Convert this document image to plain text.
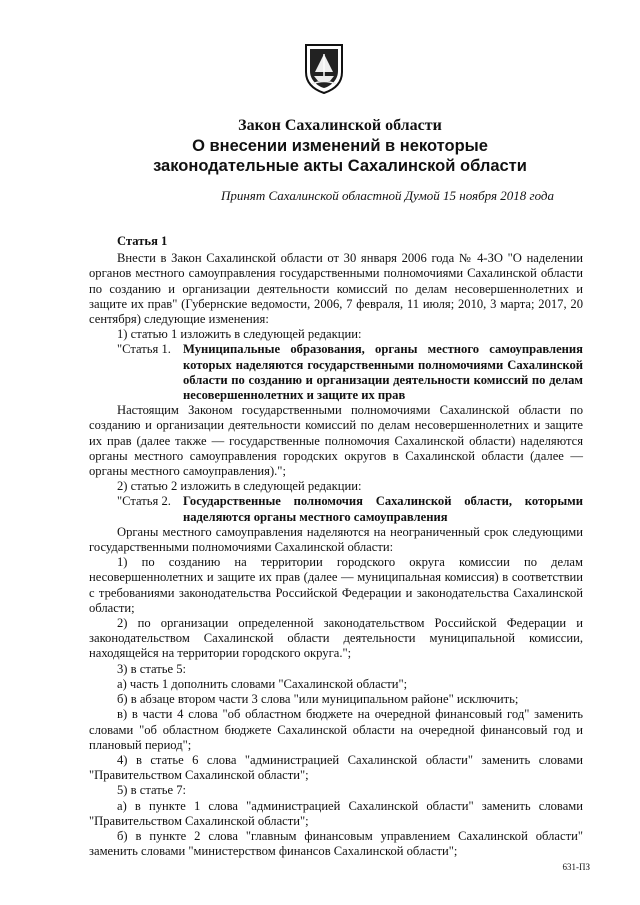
Закон Сахалинской области
О внесении изменений в некоторые
законодательные акты Сахалинской области
Принят Сахалинской областной Думой 15 ноября 2018 года

Статья 1

Внести в Закон Сахалинской области от 30 января 2006 года № 4-ЗО "О наделении органов местного самоуправления государственными полномочиями Сахалинской области по созданию и организации деятельности комиссий по делам несовершеннолетних и защите их прав" (Губернские ведомости, 2006, 7 февраля, 11 июля; 2010, 3 марта; 2017, 20 сентября) следующие изменения:

1) статью 1 изложить в следующей редакции:

"Статья 1. Муниципальные образования, органы местного самоуправления которых наделяются государственными полномочиями Сахалинской области по созданию и организации деятельности комиссий по делам несовершеннолетних и защите их прав

Настоящим Законом государственными полномочиями Сахалинской области по созданию и организации деятельности комиссий по делам несовершеннолетних и защите их прав (далее также — государственные полномочия Сахалинской области) наделяются органы местного самоуправления городских округов в Сахалинской области (далее — органы местного самоуправления).";

2) статью 2 изложить в следующей редакции:

"Статья 2. Государственные полномочия Сахалинской области, которыми наделяются органы местного самоуправления

Органы местного самоуправления наделяются на неограниченный срок следующими государственными полномочиями Сахалинской области:

1) по созданию на территории городского округа комиссии по делам несовершеннолетних и защите их прав (далее — муниципальная комиссия) в соответствии с требованиями законодательства Российской Федерации и законодательства Сахалинской области;

2) по организации определенной законодательством Российской Федерации и законодательством Сахалинской области деятельности муниципальной комиссии, находящейся на территории городского округа.";

3) в статье 5:

а) часть 1 дополнить словами "Сахалинской области";

б) в абзаце втором части 3 слова "или муниципальном районе" исключить;

в) в части 4 слова "об областном бюджете на очередной финансовый год" заменить словами "об областном бюджете Сахалинской области на очередной финансовый год и плановый период";

4) в статье 6 слова "администрацией Сахалинской области" заменить словами "Правительством Сахалинской области";

5) в статье 7:

а) в пункте 1 слова "администрацией Сахалинской области" заменить словами "Правительством Сахалинской области";

б) в пункте 2 слова "главным финансовым управлением Сахалинской области" заменить словами "министерством финансов Сахалинской области";

631-ПЗ
